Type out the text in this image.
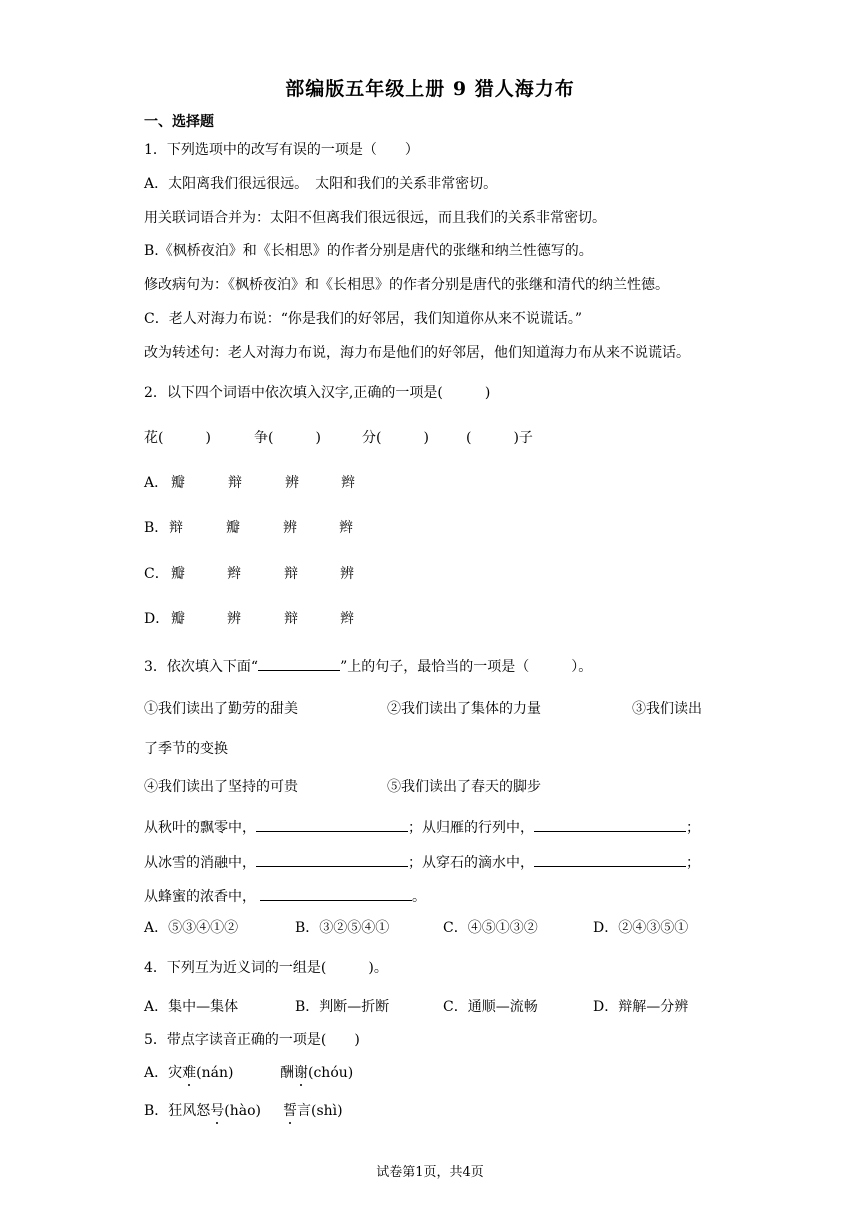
部编版五年级上册 9 猎人海力布
一、选择题
1．下列选项中的改写有误的一项是（　　）
A．太阳离我们很远很远。　太阳和我们的关系非常密切。
用关联词语合并为：太阳不但离我们很远很远，而且我们的关系非常密切。
B.《枫桥夜泊》和《长相思》的作者分别是唐代的张继和纳兰性德写的。
修改病句为：《枫桥夜泊》和《长相思》的作者分别是唐代的张继和清代的纳兰性德。
C．老人对海力布说：“你是我们的好邻居，我们知道你从来不说谎话。”
改为转述句：老人对海力布说，海力布是他们的好邻居，他们知道海力布从来不说谎话。
2．以下四个词语中依次填入汉字,正确的一项是(　　　)
花(　　　)	争(　　　)	分(　　　)	(　　　)子
A． 瓣	辩	辨	辫
B． 辩	瓣	辨	辫
C． 瓣	辫	辩	辨
D． 瓣	辨	辩	辫
3．依次填入下面“	”上的句子，最恰当的一项是（　　　）。
①我们读出了勤劳的甜美	②我们读出了集体的力量	③我们读出
了季节的变换
④我们读出了坚持的可贵	⑤我们读出了春天的脚步
从秋叶的飘零中，	；从归雁的行列中，	；
从冰雪的消融中，	；从穿石的滴水中，	；
从蜂蜜的浓香中，	。
A．⑤③④①②	B．③②⑤④①	C．④⑤①③②	D．②④③⑤①
4．下列互为近义词的一组是(　　　)。
A．集中—集体	B．判断—折断	C．通顺—流畅	D．辩解—分辨
5．带点字读音正确的一项是(　　)
A．灾难(nán)	酬谢(chóu)
B．狂风怒号(hào) 誓言(shì)
试卷第1页，共4页
